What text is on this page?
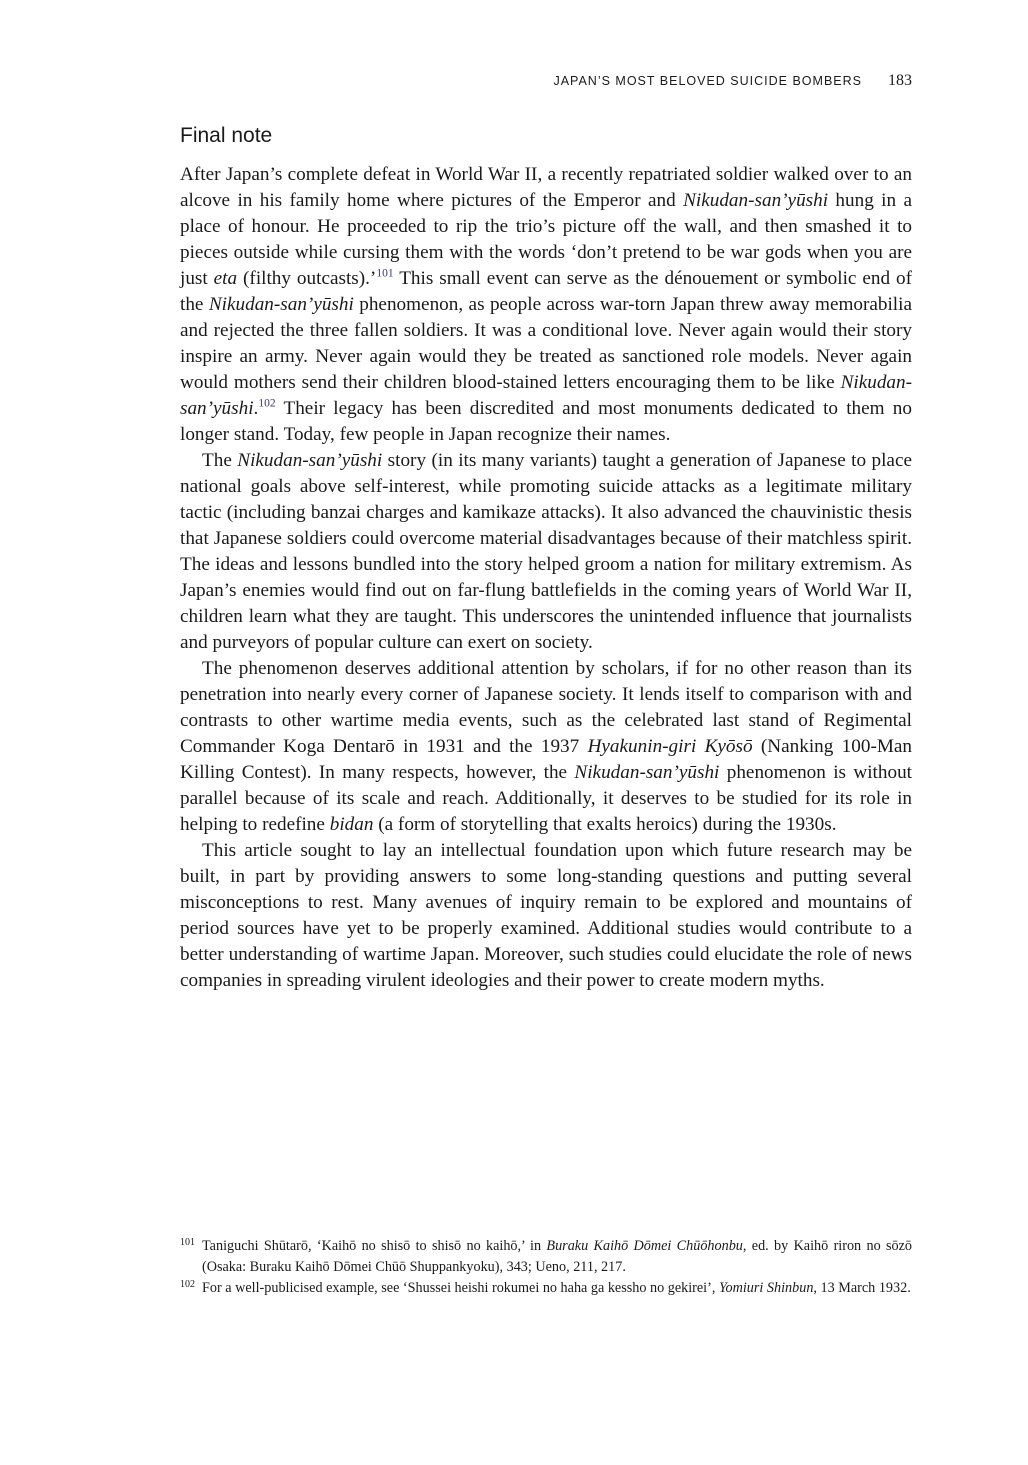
JAPAN’S MOST BELOVED SUICIDE BOMBERS 183
Final note

After Japan’s complete defeat in World War II, a recently repatriated soldier walked over to an alcove in his family home where pictures of the Emperor and Nikudan-san’yūshi hung in a place of honour. He proceeded to rip the trio’s picture off the wall, and then smashed it to pieces outside while cursing them with the words ‘don’t pretend to be war gods when you are just eta (filthy outcasts).’$^{101}$ This small event can serve as the dénouement or symbolic end of the Nikudan-san’yūshi phenomenon, as people across war-torn Japan threw away memorabilia and rejected the three fallen soldiers. It was a conditional love. Never again would their story inspire an army. Never again would they be treated as sanctioned role models. Never again would mothers send their children blood-stained letters encouraging them to be like Nikudan-san’yūshi.$^{102}$ Their legacy has been discredited and most monuments dedicated to them no longer stand. Today, few people in Japan recognize their names.

The Nikudan-san’yūshi story (in its many variants) taught a generation of Japanese to place national goals above self-interest, while promoting suicide attacks as a legitimate military tactic (including banzai charges and kamikaze attacks). It also advanced the chauvinistic thesis that Japanese soldiers could overcome material disadvantages because of their matchless spirit. The ideas and lessons bundled into the story helped groom a nation for military extremism. As Japan’s enemies would find out on far-flung battlefields in the coming years of World War II, children learn what they are taught. This underscores the unintended influence that journalists and purveyors of popular culture can exert on society.

The phenomenon deserves additional attention by scholars, if for no other reason than its penetration into nearly every corner of Japanese society. It lends itself to comparison with and contrasts to other wartime media events, such as the celebrated last stand of Regimental Commander Koga Dentarō in 1931 and the 1937 Hyakunin-giri Kyōsō (Nanking 100-Man Killing Contest). In many respects, however, the Nikudan-san’yūshi phenomenon is without parallel because of its scale and reach. Additionally, it deserves to be studied for its role in helping to redefine bidan (a form of storytelling that exalts heroics) during the 1930s.

This article sought to lay an intellectual foundation upon which future research may be built, in part by providing answers to some long-standing questions and putting several misconceptions to rest. Many avenues of inquiry remain to be explored and mountains of period sources have yet to be properly examined. Additional studies would contribute to a better understanding of wartime Japan. Moreover, such studies could elucidate the role of news companies in spreading virulent ideologies and their power to create modern myths.

101 Taniguchi Shūtarō, ‘Kaihō no shisō to shisō no kaihō,’ in Buraku Kaihō Dōmei Chūōhonbu, ed. by Kaihō riron no sōzō (Osaka: Buraku Kaihō Dōmei Chūō Shuppankyoku), 343; Ueno, 211, 217.
102 For a well-publicised example, see ‘Shussei heishi rokumei no haha ga kessho no gekirei’, Yomiuri Shinbun, 13 March 1932.
